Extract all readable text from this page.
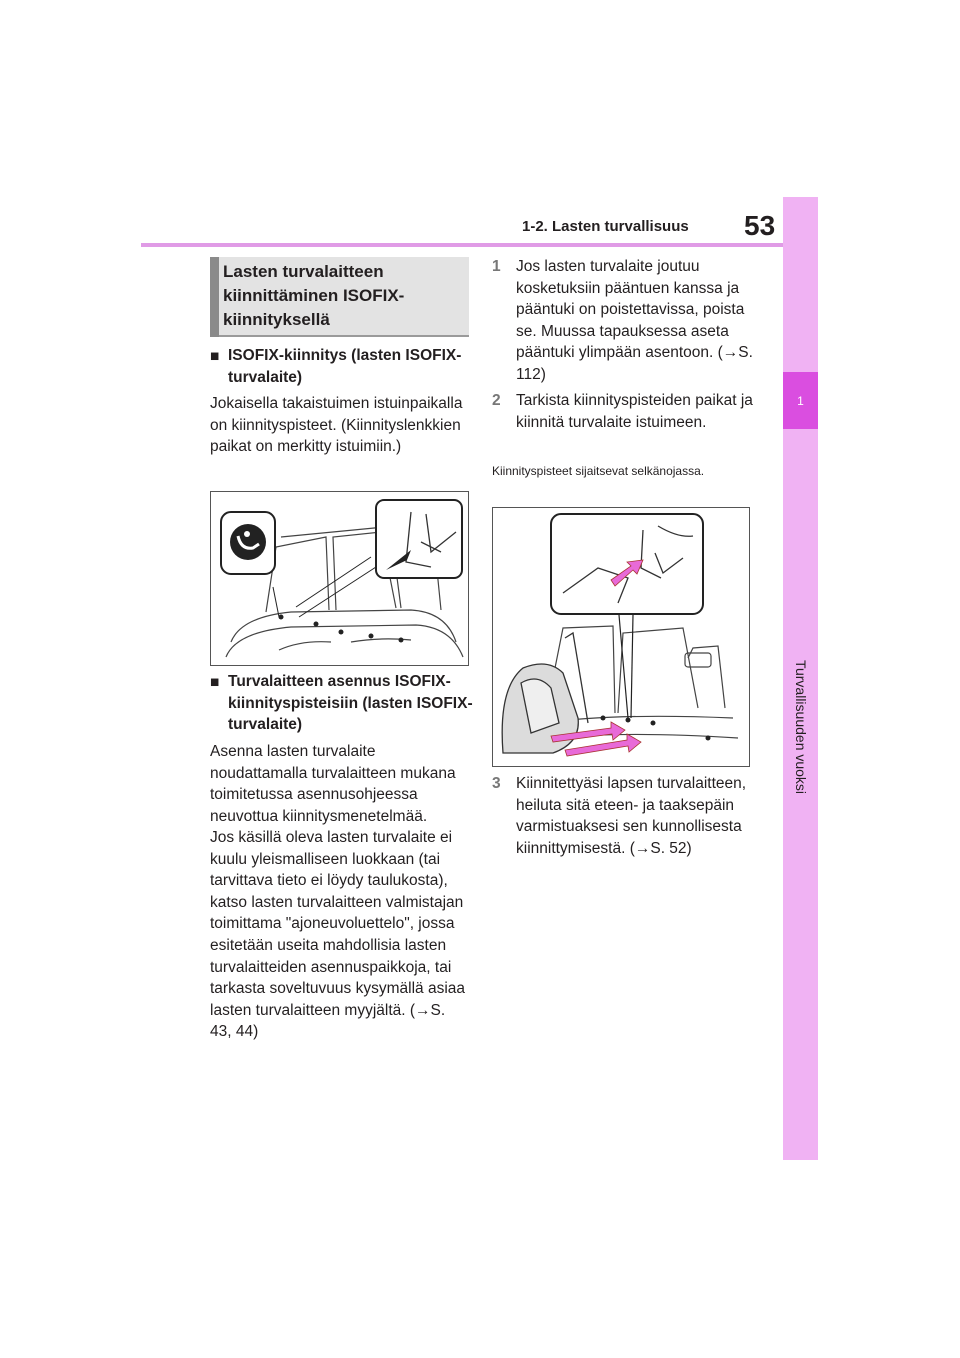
1-2. Lasten turvallisuus 53
1
Turvallisuuden vuoksi
Lasten turvalaitteen kiinnittäminen ISOFIX-kiinnityksellä
■ ISOFIX-kiinnitys (lasten ISOFIX-turvalaite)
Jokaisella takaistuimen istuinpaikalla on kiinnityspisteet. (Kiinnityslenkkien paikat on merkitty istuimiin.)
■ Turvalaitteen asennus ISOFIX-kiinnityspisteisiin (lasten ISOFIX-turvalaite)
Asenna lasten turvalaite noudattamalla turvalaitteen mukana toimitetussa asennusohjeessa neuvottua kiinnitysmenetelmää.
Jos käsillä oleva lasten turvalaite ei kuulu yleismalliseen luokkaan (tai tarvittava tieto ei löydy taulukosta), katso lasten turvalaitteen valmistajan toimittama "ajoneuvoluettelo", jossa esitetään useita mahdollisia lasten turvalaitteiden asennuspaikkoja, tai tarkasta soveltuvuus kysymällä asiaa lasten turvalaitteen myyjältä. (→S. 43, 44)
1 Jos lasten turvalaite joutuu kosketuksiin pääntuen kanssa ja pääntuki on poistettavissa, poista se. Muussa tapauksessa aseta pääntuki ylimpään asentoon. (→S. 112)
2 Tarkista kiinnityspisteiden paikat ja kiinnitä turvalaite istuimeen.
Kiinnityspisteet sijaitsevat selkänojassa.
3 Kiinnitettyäsi lapsen turvalaitteen, heiluta sitä eteen- ja taaksepäin varmistuaksesi sen kunnollisesta kiinnittymisestä. (→S. 52)
